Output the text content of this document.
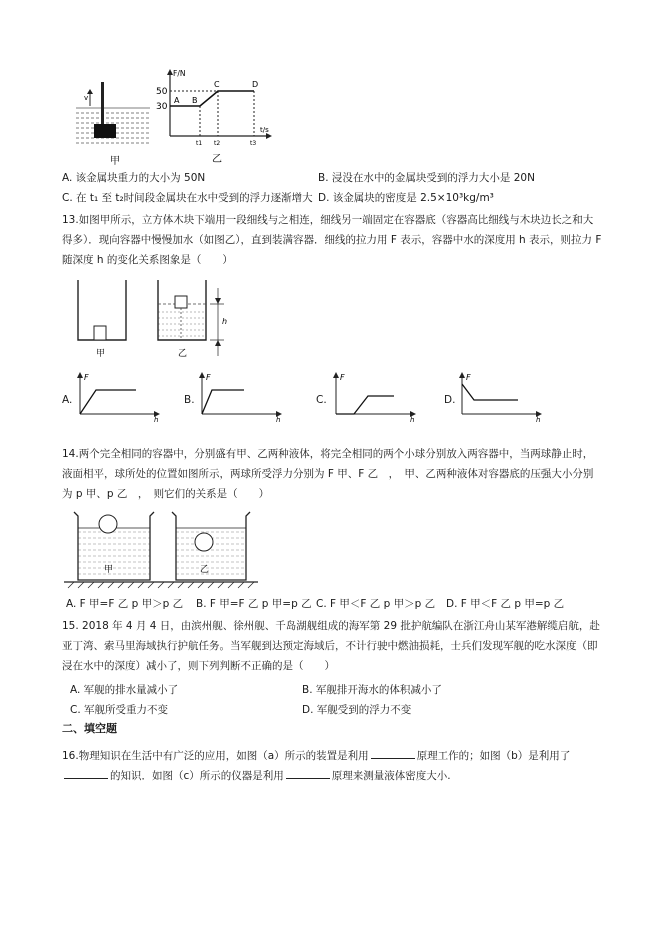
v
甲
F/N
t/s
50
30
A B
C	D
t1 t2	t3
乙
A. 该金属块重力的大小为 50N	B. 浸没在水中的金属块受到的浮力大小是 20N
C. 在 t₁ 至 t₂时间段金属块在水中受到的浮力逐渐增大 D. 该金属块的密度是 2.5×10³kg/m³
13.如图甲所示，立方体木块下端用一段细线与之相连，细线另一端固定在容器底（容器高比细线与木块边长之和大得多）．现向容器中慢慢加水（如图乙），直到装满容器．细线的拉力用 F 表示，容器中水的深度用 h 表示，则拉力 F 随深度 h 的变化关系图象是（　　）
甲
h
乙
A.
F
h
B.
F
h
C.
F
h
D.
F
h
14.两个完全相同的容器中，分别盛有甲、乙两种液体，将完全相同的两个小球分别放入两容器中，当两球静止时，液面相平，球所处的位置如图所示，两球所受浮力分别为 F 甲、F 乙　，　甲、乙两种液体对容器底的压强大小分别为 p 甲、p 乙　，　则它们的关系是（　　）
甲	乙
A. F 甲=F 乙 p 甲＞p 乙 B. F 甲=F 乙 p 甲=p 乙 C. F 甲＜F 乙 p 甲＞p 乙 D. F 甲＜F 乙 p 甲=p 乙
15. 2018 年 4 月 4 日，由滨州舰、徐州舰、千岛湖舰组成的海军第 29 批护航编队在浙江舟山某军港解缆启航，赴亚丁湾、索马里海域执行护航任务。当军舰到达预定海域后，不计行驶中燃油损耗，士兵们发现军舰的吃水深度（即浸在水中的深度）减小了，则下列判断不正确的是（　　）
A. 军舰的排水量减小了	B. 军舰排开海水的体积减小了
C. 军舰所受重力不变	D. 军舰受到的浮力不变
二、填空题
16.物理知识在生活中有广泛的应用，如图（a）所示的装置是利用	原理工作的；如图（b）是利用了的知识．如图（c）所示的仪器是利用	原理来测量液体密度大小.
